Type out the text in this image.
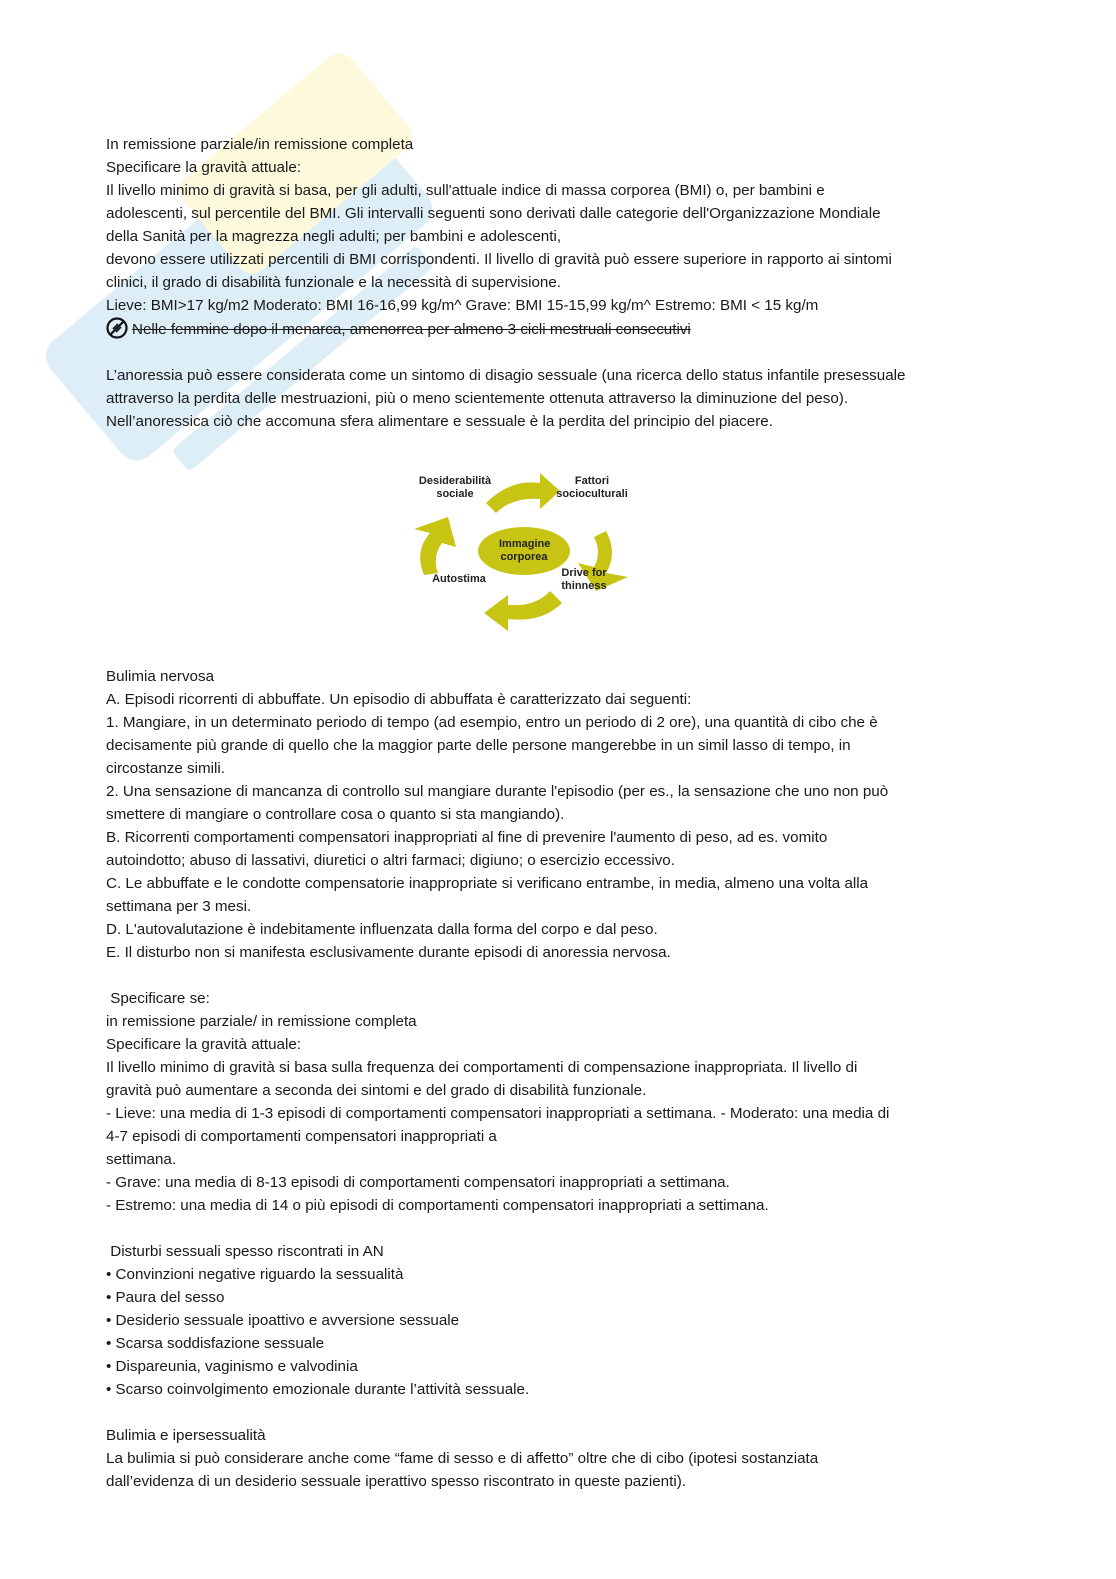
In remissione parziale/in remissione completa
Specificare la gravità attuale:
Il livello minimo di gravità si basa, per gli adulti, sull'attuale indice di massa corporea (BMI) o, per bambini e
adolescenti, sul percentile del BMI. Gli intervalli seguenti sono derivati dalle categorie dell'Organizzazione Mondiale
della Sanità per la magrezza negli adulti; per bambini e adolescenti,
devono essere utilizzati percentili di BMI corrispondenti. Il livello di gravità può essere superiore in rapporto ai sintomi
clinici, il grado di disabilità funzionale e la necessità di supervisione.
Lieve: BMI>17 kg/m2 Moderato: BMI 16-16,99 kg/m^ Grave: BMI 15-15,99 kg/m^ Estremo: BMI < 15 kg/m
Nelle femmine dopo il menarca, amenorrea per almeno 3 cicli mestruali consecutivi
L’anoressia può essere considerata come un sintomo di disagio sessuale (una ricerca dello status infantile presessuale
attraverso la perdita delle mestruazioni, più o meno scientemente ottenuta attraverso la diminuzione del peso).
Nell’anoressica ciò che accomuna sfera alimentare e sessuale è la perdita del principio del piacere.
Immagine corporea
Desiderabilità sociale
Fattori socioculturali
Drive for thinness
Autostima
Bulimia nervosa
A. Episodi ricorrenti di abbuffate. Un episodio di abbuffata è caratterizzato dai seguenti:
1. Mangiare, in un determinato periodo di tempo (ad esempio, entro un periodo di 2 ore), una quantità di cibo che è
decisamente più grande di quello che la maggior parte delle persone mangerebbe in un simil lasso di tempo, in
circostanze simili.
2. Una sensazione di mancanza di controllo sul mangiare durante l'episodio (per es., la sensazione che uno non può
smettere di mangiare o controllare cosa o quanto si sta mangiando).
B. Ricorrenti comportamenti compensatori inappropriati al fine di prevenire l'aumento di peso, ad es. vomito
autoindotto; abuso di lassativi, diuretici o altri farmaci; digiuno; o esercizio eccessivo.
C. Le abbuffate e le condotte compensatorie inappropriate si verificano entrambe, in media, almeno una volta alla
settimana per 3 mesi.
D. L'autovalutazione è indebitamente influenzata dalla forma del corpo e dal peso.
E. Il disturbo non si manifesta esclusivamente durante episodi di anoressia nervosa.
Specificare se:
in remissione parziale/ in remissione completa
Specificare la gravità attuale:
Il livello minimo di gravità si basa sulla frequenza dei comportamenti di compensazione inappropriata. Il livello di
gravità può aumentare a seconda dei sintomi e del grado di disabilità funzionale.
- Lieve: una media di 1-3 episodi di comportamenti compensatori inappropriati a settimana. - Moderato: una media di
4-7 episodi di comportamenti compensatori inappropriati a
settimana.
- Grave: una media di 8-13 episodi di comportamenti compensatori inappropriati a settimana.
- Estremo: una media di 14 o più episodi di comportamenti compensatori inappropriati a settimana.
Disturbi sessuali spesso riscontrati in AN
• Convinzioni negative riguardo la sessualità
• Paura del sesso
• Desiderio sessuale ipoattivo e avversione sessuale
• Scarsa soddisfazione sessuale
• Dispareunia, vaginismo e valvodinia
• Scarso coinvolgimento emozionale durante l’attività sessuale.
Bulimia e ipersessualità
La bulimia si può considerare anche come “fame di sesso e di affetto” oltre che di cibo (ipotesi sostanziata
dall’evidenza di un desiderio sessuale iperattivo spesso riscontrato in queste pazienti).
